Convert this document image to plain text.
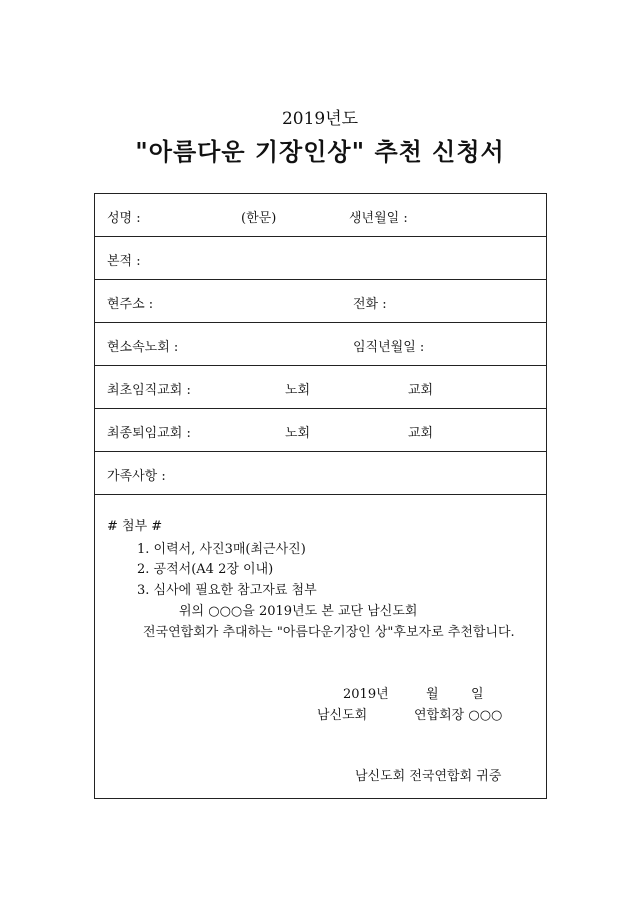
2019년도
"아름다운 기장인상" 추천 신청서
성명 :	(한문)	생년월일 :
본적 :
현주소 :	전화 :
현소속노회 :	임직년월일 :
최초임직교회 :	노회	교회
최종퇴임교회 :	노회	교회
가족사항 :
# 첨부 #
1. 이력서, 사진3매(최근사진)
2. 공적서(A4 2장 이내)
3. 심사에 필요한 참고자료 첨부
위의 ○○○을 2019년도 본 교단 남신도회
전국연합회가 추대하는 "아름다운기장인 상"후보자로 추천합니다.
2019년	월 일
남신도회	연합회장 ○○○
남신도회 전국연합회 귀중
